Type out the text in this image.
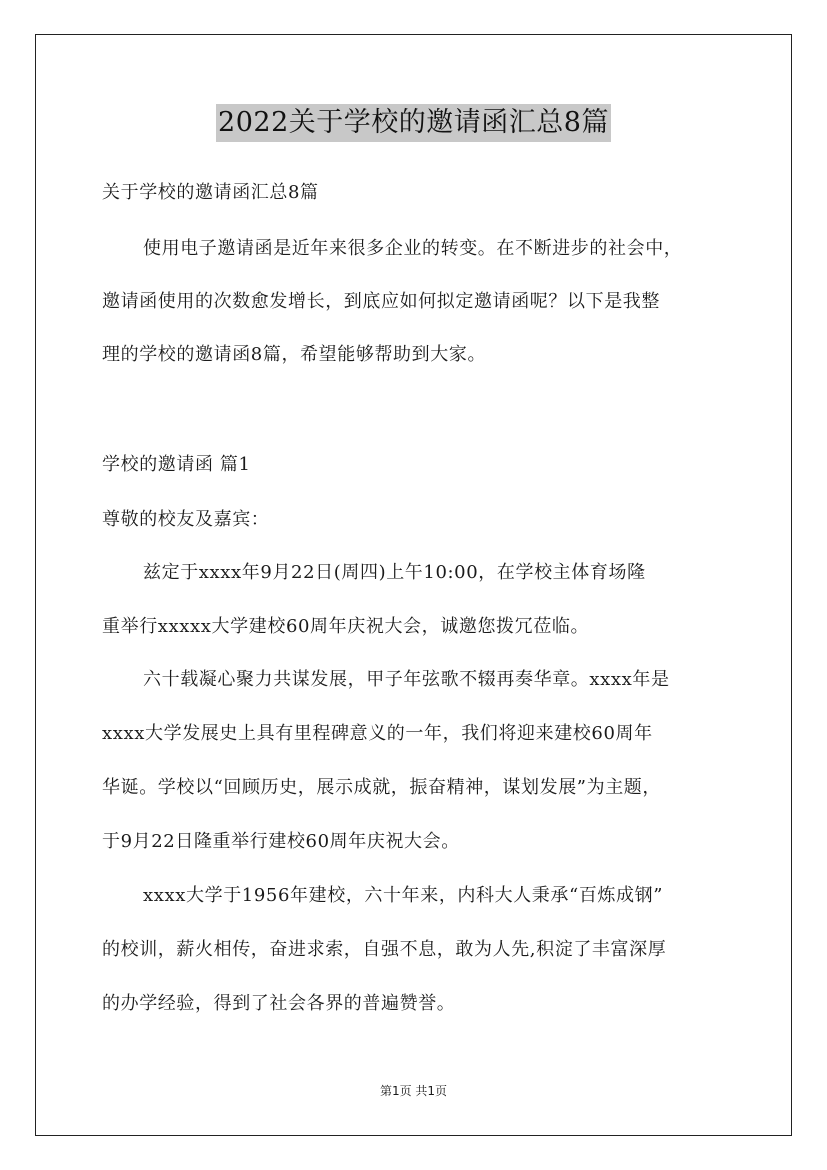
2022关于学校的邀请函汇总8篇
关于学校的邀请函汇总8篇
使用电子邀请函是近年来很多企业的转变。在不断进步的社会中，
邀请函使用的次数愈发增长，到底应如何拟定邀请函呢？以下是我整
理的学校的邀请函8篇，希望能够帮助到大家。
学校的邀请函 篇1
尊敬的校友及嘉宾：
兹定于xxxx年9月22日(周四)上午10:00，在学校主体育场隆
重举行xxxxx大学建校60周年庆祝大会，诚邀您拨冗莅临。
六十载凝心聚力共谋发展，甲子年弦歌不辍再奏华章。xxxx年是
xxxx大学发展史上具有里程碑意义的一年，我们将迎来建校60周年
华诞。学校以“回顾历史，展示成就，振奋精神，谋划发展”为主题，
于9月22日隆重举行建校60周年庆祝大会。
xxxx大学于1956年建校，六十年来，内科大人秉承“百炼成钢”
的校训，薪火相传，奋进求索，自强不息，敢为人先,积淀了丰富深厚
的办学经验，得到了社会各界的普遍赞誉。
第1页 共1页
